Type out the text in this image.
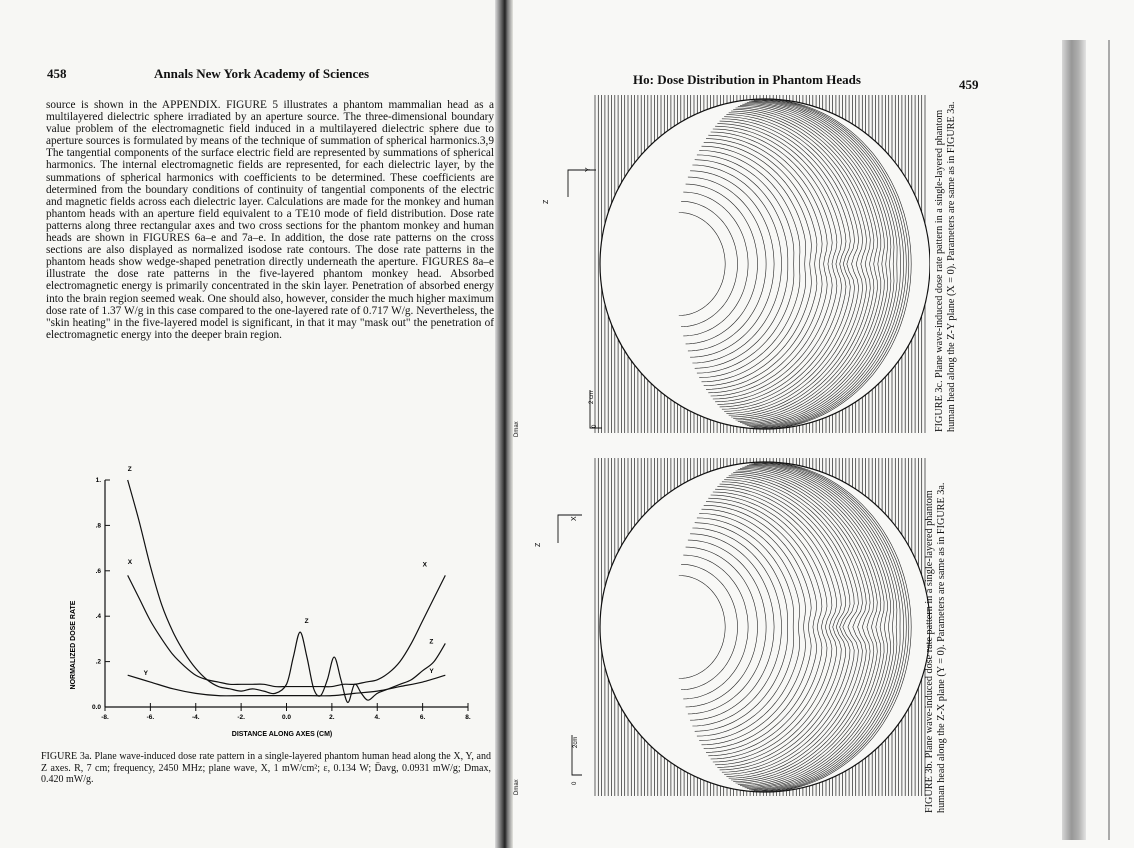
458	Annals New York Academy of Sciences	Ho: Dose Distribution in Phantom Heads	459
source is shown in the APPENDIX. FIGURE 5 illustrates a phantom mammalian head as a multilayered dielectric sphere irradiated by an aperture source. The three-dimensional boundary value problem of the electromagnetic field induced in a multilayered dielectric sphere due to aperture sources is formulated by means of the technique of summation of spherical harmonics.3,9 The tangential components of the surface electric field are represented by summations of spherical harmonics. The internal electromagnetic fields are represented, for each dielectric layer, by the summations of spherical harmonics with coefficients to be determined. These coefficients are determined from the boundary conditions of continuity of tangential components of the electric and magnetic fields across each dielectric layer. Calculations are made for the monkey and human phantom heads with an aperture field equivalent to a TE10 mode of field distribution. Dose rate patterns along three rectangular axes and two cross sections for the phantom monkey and human heads are shown in FIGURES 6a–e and 7a–e. In addition, the dose rate patterns on the cross sections are also displayed as normalized isodose rate contours. The dose rate patterns in the phantom heads show wedge-shaped penetration directly underneath the aperture. FIGURES 8a–e illustrate the dose rate patterns in the five-layered phantom monkey head. Absorbed electromagnetic energy is primarily concentrated in the skin layer. Penetration of absorbed energy into the brain region seemed weak. One should also, however, consider the much higher maximum dose rate of 1.37 W/g in this case compared to the one-layered rate of 0.717 W/g. Nevertheless, the "skin heating" in the five-layered model is significant, in that it may "mask out" the penetration of electromagnetic energy into the deeper brain region.
-8.	-6.	-4.	-2.	0.0	2.	4.	6.	8.
0.0
.2
.4
.6
.8
1.
Z
X
Y
Z
X
Z
Y
NORMALIZED DOSE RATE
DISTANCE ALONG AXES (CM)
FIGURE 3a. Plane wave-induced dose rate pattern in a single-layered phantom human head along the X, Y, and Z axes. R, 7 cm; frequency, 2450 MHz; plane wave, X, 1 mW/cm²; ε, 0.134 W; D̄avg, 0.0931 mW/g; Dmax, 0.420 mW/g.
Z
Y
2 cm
0
Dmax
Z
X
2cm
0
Dmax
FIGURE 3c. Plane wave-induced dose rate pattern in a single-layered phantom human head along the Z-Y plane (X = 0). Parameters are same as in FIGURE 3a.
FIGURE 3b. Plane wave-induced dose rate pattern in a single-layered phantom human head along the Z-X plane (Y = 0). Parameters are same as in FIGURE 3a.
